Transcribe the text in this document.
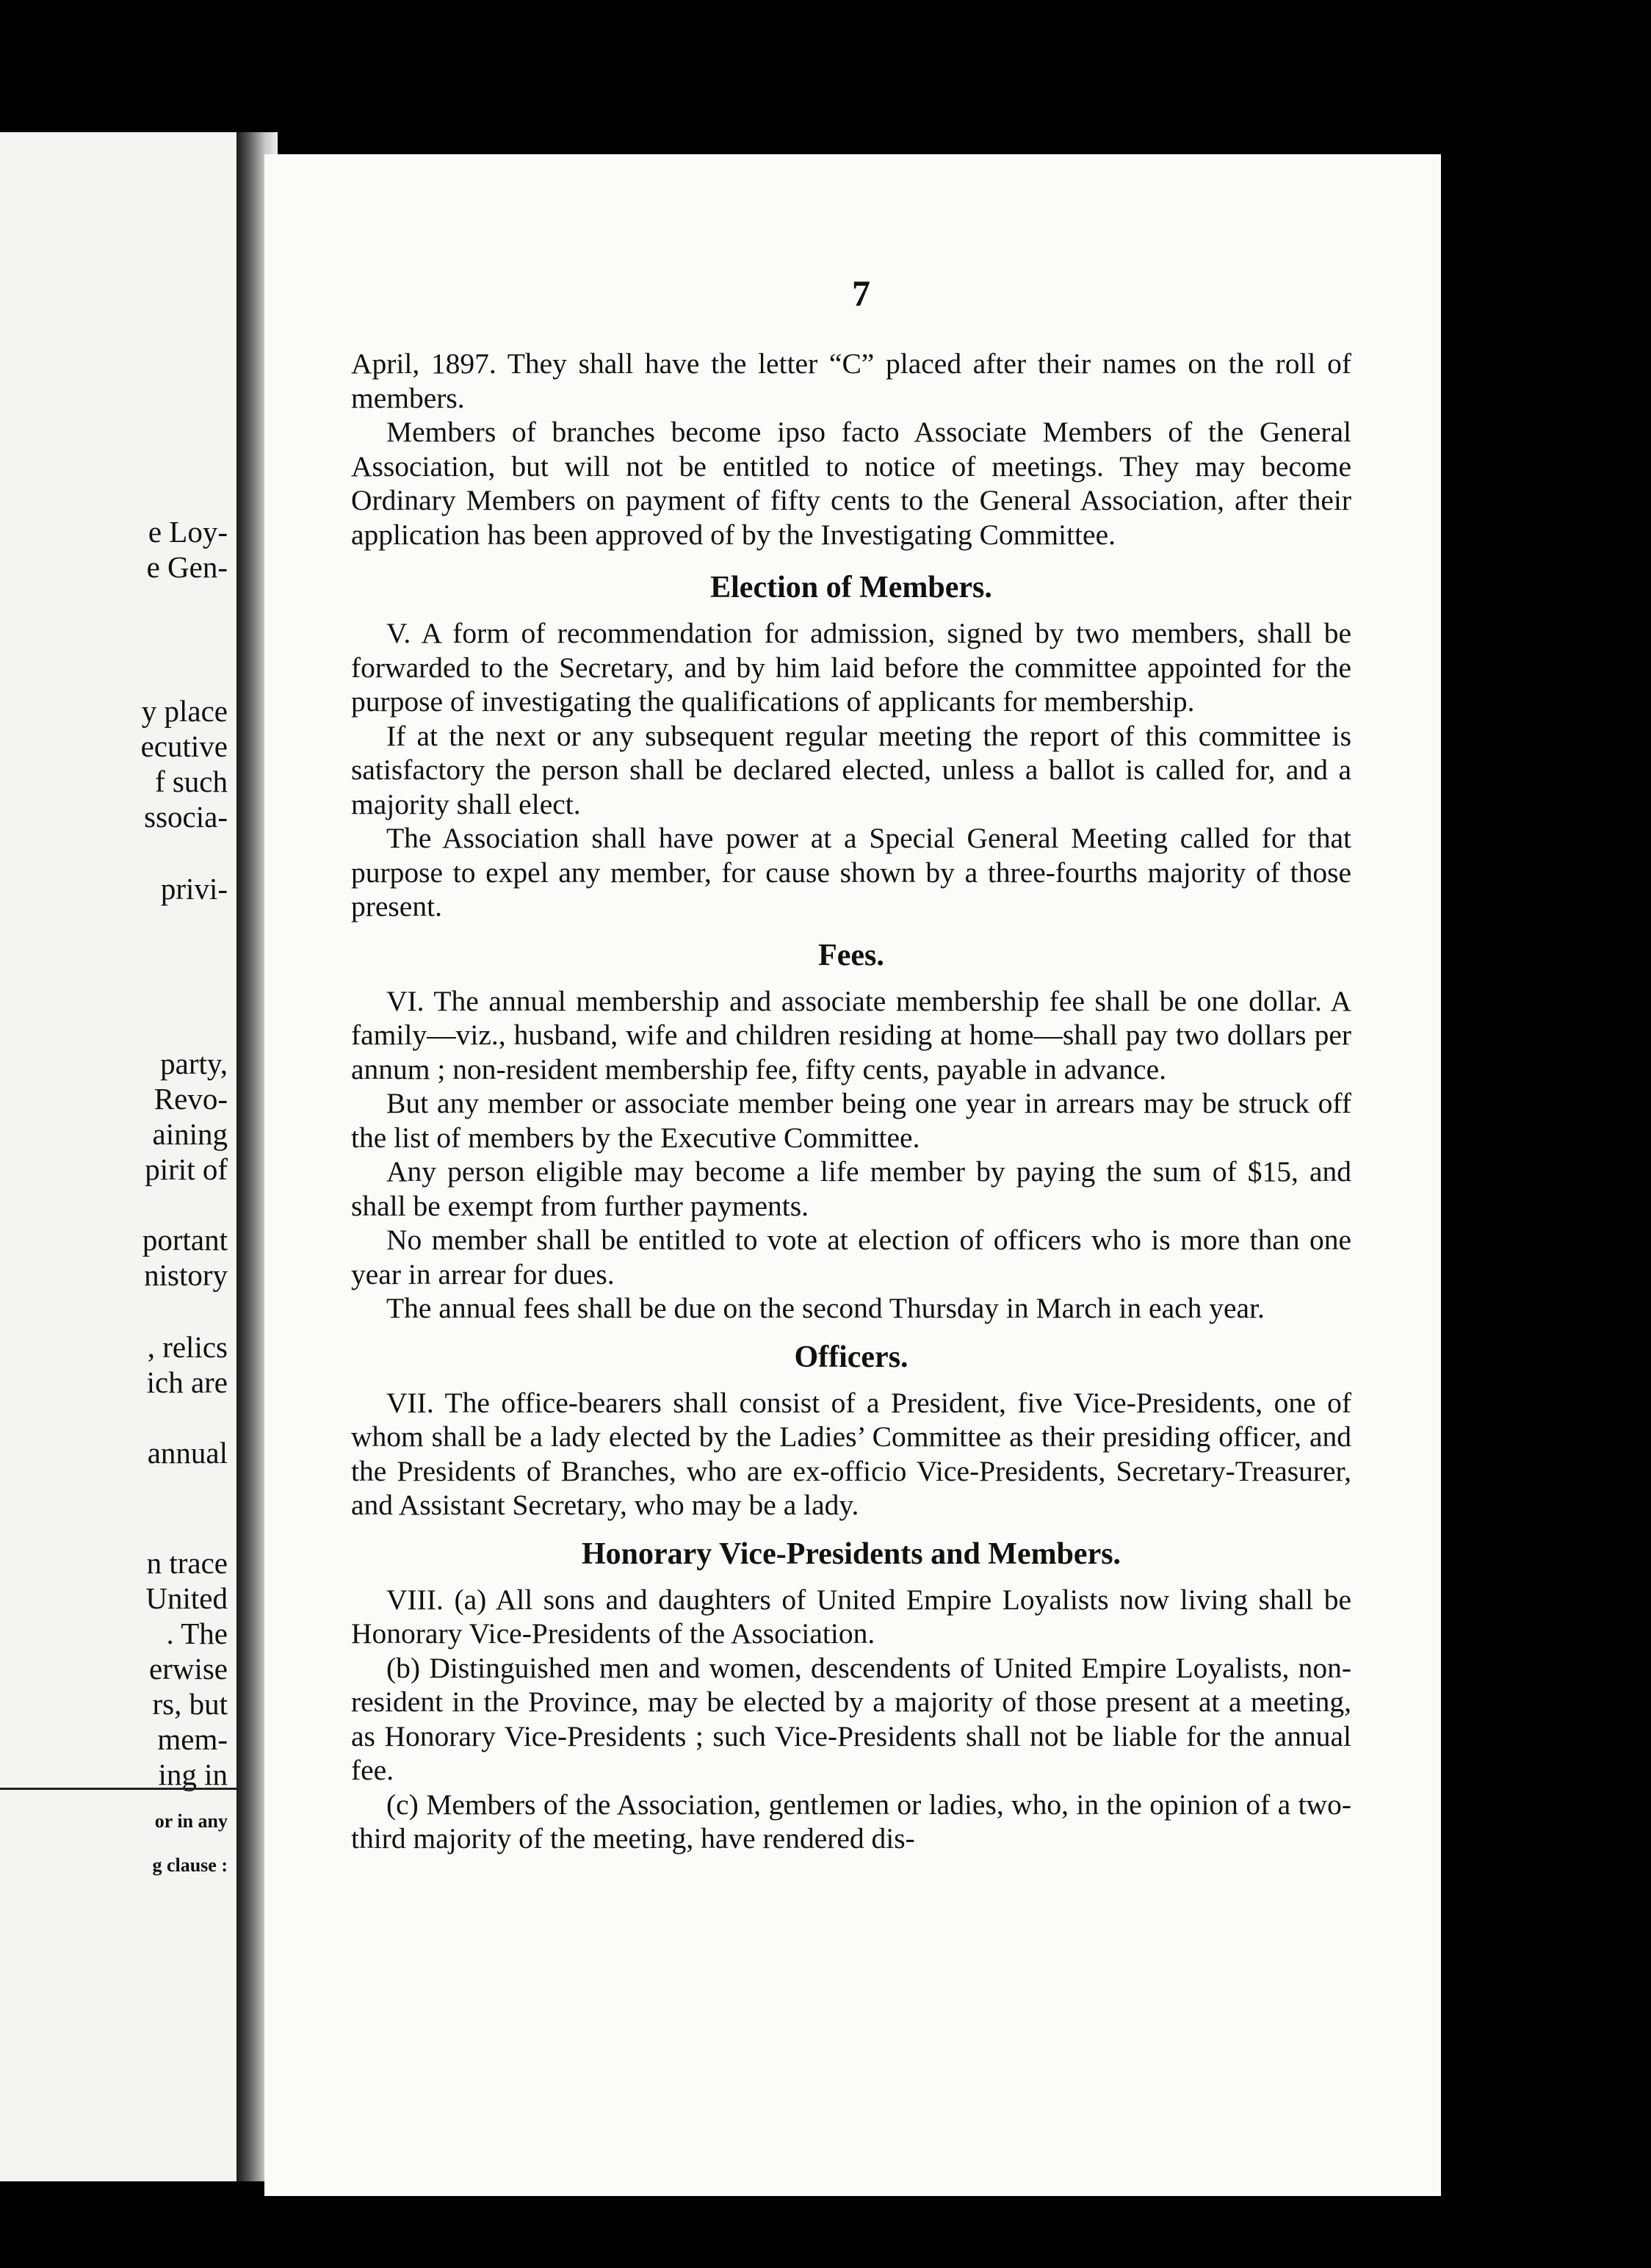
e Loy-
e Gen-
y place
ecutive
f such
ssocia-
privi-
party,
Revo-
aining
pirit of
portant
nistory
, relics
ich are
annual
n trace
United
. The
erwise
rs, but
mem-
ing in
or in any
g clause :
7

April, 1897. They shall have the letter “C” placed after their names on the roll of members.

Members of branches become ipso facto Associate Members of the General Association, but will not be entitled to notice of meetings. They may become Ordinary Members on payment of fifty cents to the General Association, after their application has been approved of by the Investigating Committee.

Election of Members.

V. A form of recommendation for admission, signed by two members, shall be forwarded to the Secretary, and by him laid before the committee appointed for the purpose of investigating the qualifications of applicants for membership.

If at the next or any subsequent regular meeting the report of this committee is satisfactory the person shall be declared elected, unless a ballot is called for, and a majority shall elect.

The Association shall have power at a Special General Meeting called for that purpose to expel any member, for cause shown by a three-fourths majority of those present.

Fees.

VI. The annual membership and associate membership fee shall be one dollar. A family—viz., husband, wife and children residing at home—shall pay two dollars per annum ; non-resident membership fee, fifty cents, payable in advance.

But any member or associate member being one year in arrears may be struck off the list of members by the Executive Committee.

Any person eligible may become a life member by paying the sum of $15, and shall be exempt from further payments.

No member shall be entitled to vote at election of officers who is more than one year in arrear for dues.

The annual fees shall be due on the second Thursday in March in each year.

Officers.

VII. The office-bearers shall consist of a President, five Vice-Presidents, one of whom shall be a lady elected by the Ladies’ Committee as their presiding officer, and the Presidents of Branches, who are ex-officio Vice-Presidents, Secretary-Treasurer, and Assistant Secretary, who may be a lady.

Honorary Vice-Presidents and Members.

VIII. (a) All sons and daughters of United Empire Loyalists now living shall be Honorary Vice-Presidents of the Association.

(b) Distinguished men and women, descendents of United Empire Loyalists, non-resident in the Province, may be elected by a majority of those present at a meeting, as Honorary Vice-Presidents ; such Vice-Presidents shall not be liable for the annual fee.

(c) Members of the Association, gentlemen or ladies, who, in the opinion of a two-third majority of the meeting, have rendered dis-
